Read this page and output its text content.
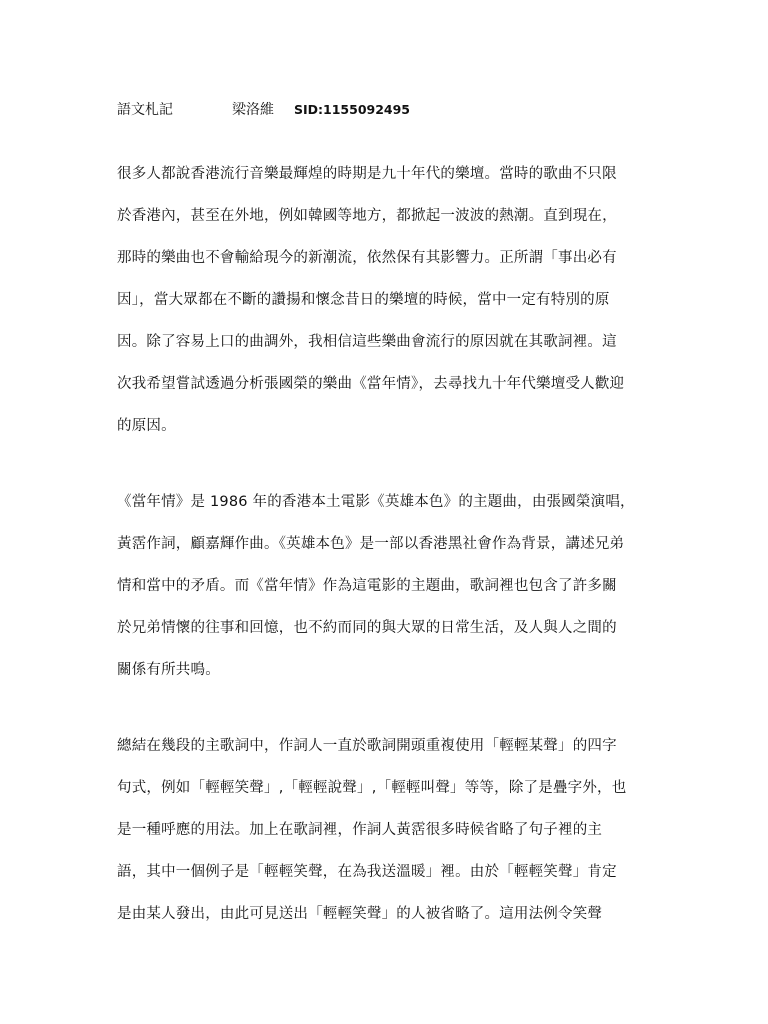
語文札記	梁洛維 SID:1155092495
很多人都說香港流行音樂最輝煌的時期是九十年代的樂壇。當時的歌曲不只限
於香港內，甚至在外地，例如韓國等地方，都掀起一波波的熱潮。直到現在，
那時的樂曲也不會輸給現今的新潮流，依然保有其影響力。正所謂「事出必有
因」，當大眾都在不斷的讚揚和懷念昔日的樂壇的時候，當中一定有特別的原
因。除了容易上口的曲調外，我相信這些樂曲會流行的原因就在其歌詞裡。這
次我希望嘗試透過分析張國榮的樂曲《當年情》，去尋找九十年代樂壇受人歡迎
的原因。
《當年情》是 1986 年的香港本土電影《英雄本色》的主題曲，由張國榮演唱，
黃霑作詞，顧嘉輝作曲。《英雄本色》是一部以香港黑社會作為背景，講述兄弟
情和當中的矛盾。而《當年情》作為這電影的主題曲，歌詞裡也包含了許多關
於兄弟情懷的往事和回憶，也不約而同的與大眾的日常生活，及人與人之間的
關係有所共鳴。
總結在幾段的主歌詞中，作詞人一直於歌詞開頭重複使用「輕輕某聲」的四字
句式，例如「輕輕笑聲」,「輕輕說聲」,「輕輕叫聲」等等，除了是疊字外，也
是一種呼應的用法。加上在歌詞裡，作詞人黃霑很多時候省略了句子裡的主
語，其中一個例子是「輕輕笑聲，在為我送溫暖」裡。由於「輕輕笑聲」肯定
是由某人發出，由此可見送出「輕輕笑聲」的人被省略了。這用法例令笑聲
